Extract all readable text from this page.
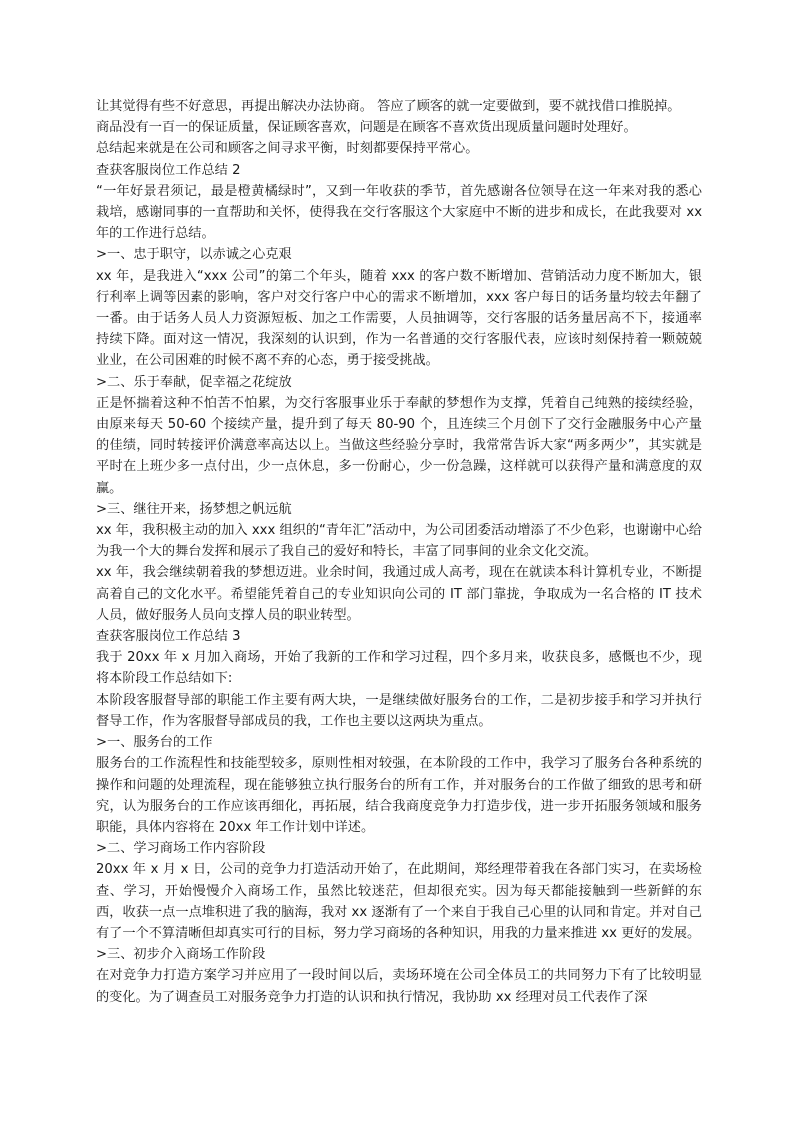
让其觉得有些不好意思，再提出解决办法协商。 答应了顾客的就一定要做到，要不就找借口推脱掉。

商品没有一百一的保证质量，保证顾客喜欢，问题是在顾客不喜欢货出现质量问题时处理好。

总结起来就是在公司和顾客之间寻求平衡，时刻都要保持平常心。

查获客服岗位工作总结 2

“一年好景君须记，最是橙黄橘绿时”，又到一年收获的季节，首先感谢各位领导在这一年来对我的悉心栽培，感谢同事的一直帮助和关怀，使得我在交行客服这个大家庭中不断的进步和成长，在此我要对 xx 年的工作进行总结。

>一、忠于职守，以赤诚之心克艰

xx 年，是我进入“xxx 公司”的第二个年头，随着 xxx 的客户数不断增加、营销活动力度不断加大，银行利率上调等因素的影响，客户对交行客户中心的需求不断增加，xxx 客户每日的话务量均较去年翻了一番。由于话务人员人力资源短板、加之工作需要，人员抽调等，交行客服的话务量居高不下，接通率持续下降。面对这一情况，我深刻的认识到，作为一名普通的交行客服代表，应该时刻保持着一颗兢兢业业，在公司困难的时候不离不弃的心态，勇于接受挑战。

>二、乐于奉献，促幸福之花绽放

正是怀揣着这种不怕苦不怕累，为交行客服事业乐于奉献的梦想作为支撑，凭着自己纯熟的接续经验，由原来每天 50-60 个接续产量，提升到了每天 80-90 个，且连续三个月创下了交行金融服务中心产量的佳绩，同时转接评价满意率高达以上。当做这些经验分享时，我常常告诉大家“两多两少”，其实就是平时在上班少多一点付出，少一点休息，多一份耐心，少一份急躁，这样就可以获得产量和满意度的双赢。

>三、继往开来，扬梦想之帆远航

xx 年，我积极主动的加入 xxx 组织的“青年汇”活动中，为公司团委活动增添了不少色彩，也谢谢中心给为我一个大的舞台发挥和展示了我自己的爱好和特长，丰富了同事间的业余文化交流。

xx 年，我会继续朝着我的梦想迈进。业余时间，我通过成人高考，现在在就读本科计算机专业，不断提高着自己的文化水平。希望能凭着自己的专业知识向公司的 IT 部门靠拢，争取成为一名合格的 IT 技术人员，做好服务人员向支撑人员的职业转型。

查获客服岗位工作总结 3

我于 20xx 年 x 月加入商场，开始了我新的工作和学习过程，四个多月来，收获良多，感慨也不少，现将本阶段工作总结如下:

本阶段客服督导部的职能工作主要有两大块，一是继续做好服务台的工作，二是初步接手和学习并执行督导工作，作为客服督导部成员的我，工作也主要以这两块为重点。

>一、服务台的工作

服务台的工作流程性和技能型较多，原则性相对较强，在本阶段的工作中，我学习了服务台各种系统的操作和问题的处理流程，现在能够独立执行服务台的所有工作，并对服务台的工作做了细致的思考和研究，认为服务台的工作应该再细化，再拓展，结合我商度竞争力打造步伐，进一步开拓服务领域和服务职能，具体内容将在 20xx 年工作计划中详述。

>二、学习商场工作内容阶段

20xx 年 x 月 x 日，公司的竞争力打造活动开始了，在此期间，郑经理带着我在各部门实习，在卖场检查、学习，开始慢慢介入商场工作，虽然比较迷茫，但却很充实。因为每天都能接触到一些新鲜的东西，收获一点一点堆积进了我的脑海，我对 xx 逐渐有了一个来自于我自己心里的认同和肯定。并对自己有了一个不算清晰但却真实可行的目标，努力学习商场的各种知识，用我的力量来推进 xx 更好的发展。

>三、初步介入商场工作阶段

在对竞争力打造方案学习并应用了一段时间以后，卖场环境在公司全体员工的共同努力下有了比较明显的变化。为了调查员工对服务竞争力打造的认识和执行情况，我协助 xx 经理对员工代表作了深
